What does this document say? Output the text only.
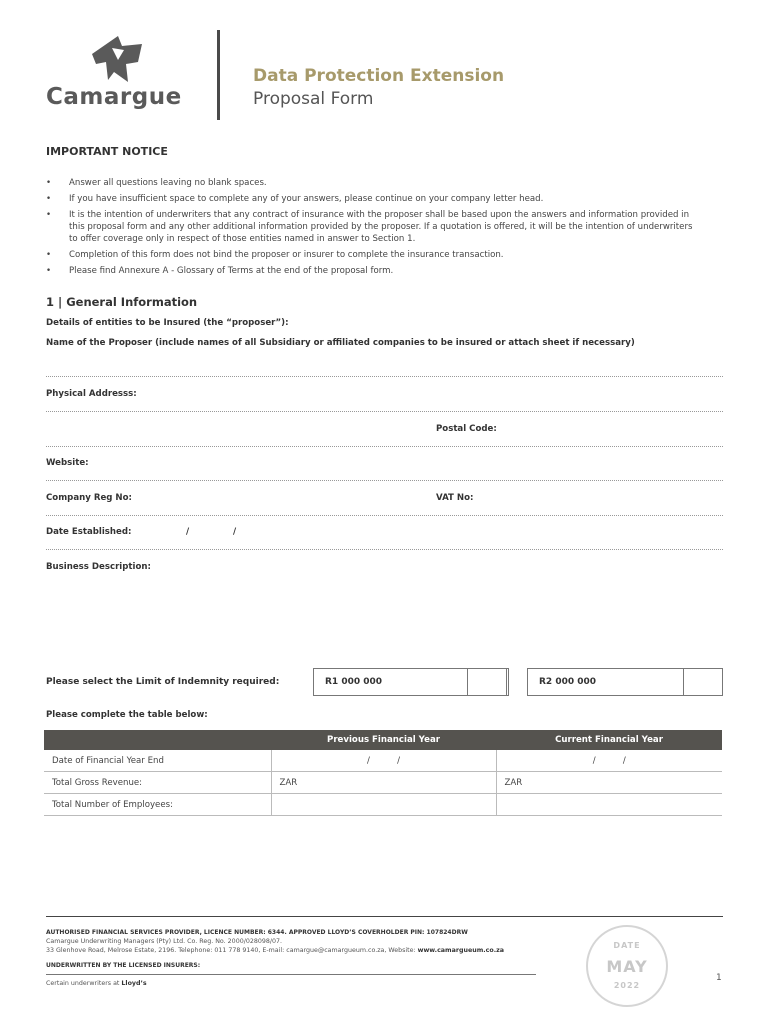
Camargue
Data Protection Extension
Proposal Form
IMPORTANT NOTICE
• Answer all questions leaving no blank spaces.
• If you have insufficient space to complete any of your answers, please continue on your company letter head.
• It is the intention of underwriters that any contract of insurance with the proposer shall be based upon the answers and information provided in this proposal form and any other additional information provided by the proposer. If a quotation is offered, it will be the intention of underwriters to offer coverage only in respect of those entities named in answer to Section 1.
• Completion of this form does not bind the proposer or insurer to complete the insurance transaction.
• Please find Annexure A - Glossary of Terms at the end of the proposal form.
1 | General Information
Details of entities to be Insured (the “proposer”):
Name of the Proposer (include names of all Subsidiary or affiliated companies to be insured or attach sheet if necessary)
Physical Addresss:
Postal Code:
Website:
Company Reg No:	VAT No:
Date Established:	/	/
Business Description:
Please select the Limit of Indemnity required:	R1 000 000	R2 000 000
Please complete the table below:
	Previous Financial Year	Current Financial Year
Date of Financial Year End	/          /	/          /
Total Gross Revenue:	ZAR	ZAR
Total Number of Employees:		
AUTHORISED FINANCIAL SERVICES PROVIDER, LICENCE NUMBER: 6344. APPROVED LLOYD’S COVERHOLDER PIN: 107824DRW
Camargue Underwriting Managers (Pty) Ltd. Co. Reg. No. 2000/028098/07.
33 Glenhove Road, Melrose Estate, 2196. Telephone: 011 778 9140, E-mail: camargue@camargueum.co.za, Website: www.camargueum.co.za
UNDERWRITTEN BY THE LICENSED INSURERS:
Certain underwriters at Lloyd’s
DATE
MAY
2022
1
